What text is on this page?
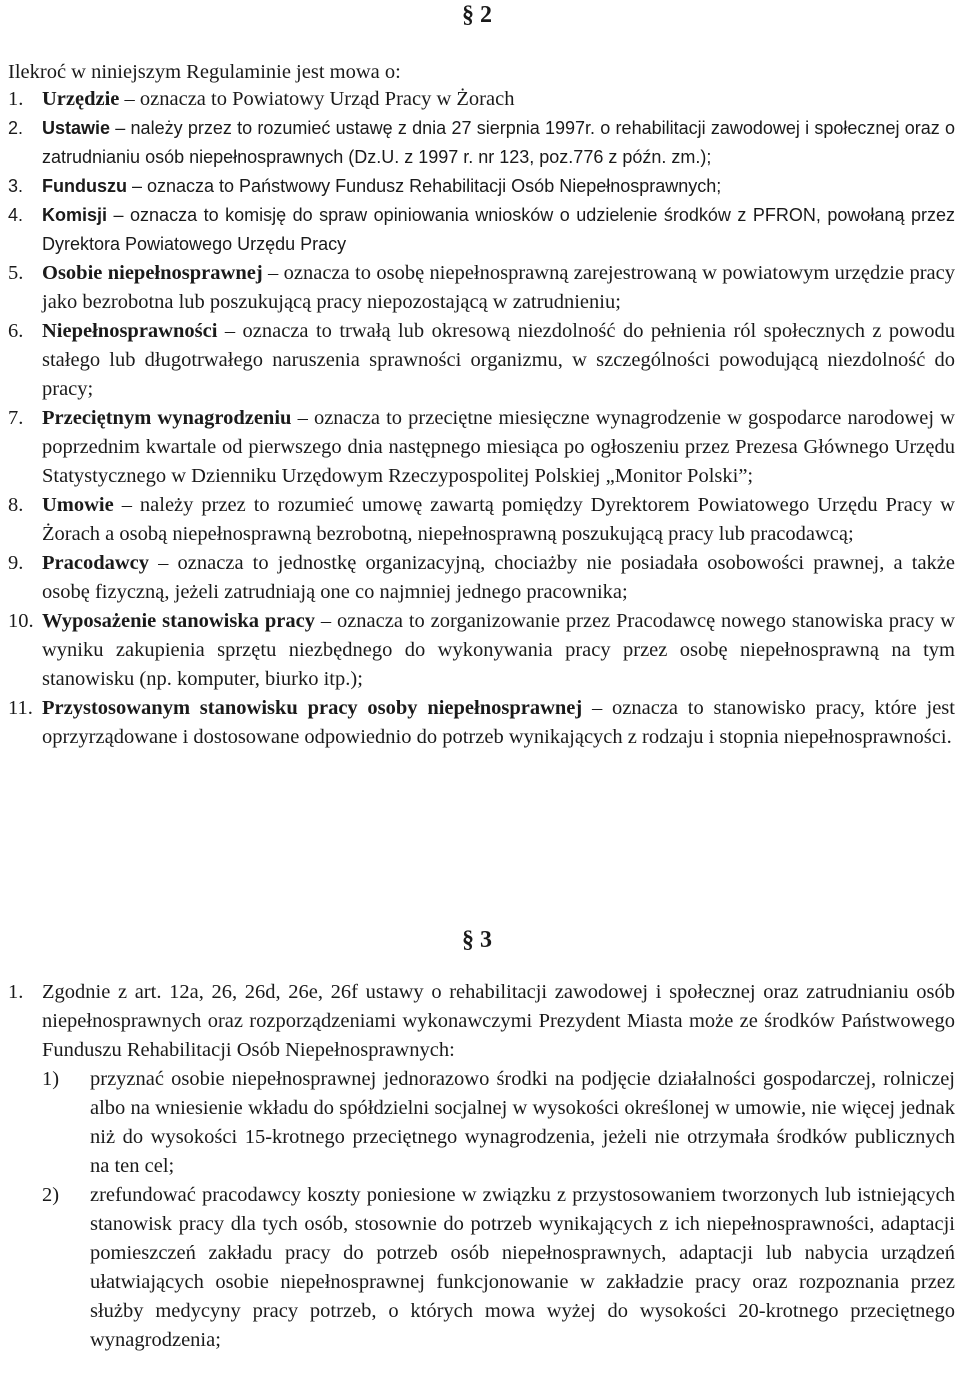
§ 2

Ilekroć w niniejszym Regulaminie jest mowa o:

1. Urzędzie – oznacza to Powiatowy Urząd Pracy w Żorach
2. Ustawie – należy przez to rozumieć ustawę z dnia 27 sierpnia 1997r. o rehabilitacji zawodowej i społecznej oraz o zatrudnianiu osób niepełnosprawnych (Dz.U. z 1997 r. nr 123, poz.776 z późn. zm.);
3. Funduszu – oznacza to Państwowy Fundusz Rehabilitacji Osób Niepełnosprawnych;
4. Komisji – oznacza to komisję do spraw opiniowania wniosków o udzielenie środków z PFRON, powołaną przez Dyrektora Powiatowego Urzędu Pracy
5. Osobie niepełnosprawnej – oznacza to osobę niepełnosprawną zarejestrowaną w powiatowym urzędzie pracy jako bezrobotna lub poszukującą pracy niepozostającą w zatrudnieniu;
6. Niepełnosprawności – oznacza to trwałą lub okresową niezdolność do pełnienia ról społecznych z powodu stałego lub długotrwałego naruszenia sprawności organizmu, w szczególności powodującą niezdolność do pracy;
7. Przeciętnym wynagrodzeniu – oznacza to przeciętne miesięczne wynagrodzenie w gospodarce narodowej w poprzednim kwartale od pierwszego dnia następnego miesiąca po ogłoszeniu przez Prezesa Głównego Urzędu Statystycznego w Dzienniku Urzędowym Rzeczypospolitej Polskiej „Monitor Polski”;
8. Umowie – należy przez to rozumieć umowę zawartą pomiędzy Dyrektorem Powiatowego Urzędu Pracy w Żorach a osobą niepełnosprawną bezrobotną, niepełnosprawną poszukującą pracy lub pracodawcą;
9. Pracodawcy – oznacza to jednostkę organizacyjną, chociażby nie posiadała osobowości prawnej, a także osobę fizyczną, jeżeli zatrudniają one co najmniej jednego pracownika;
10. Wyposażenie stanowiska pracy – oznacza to zorganizowanie przez Pracodawcę nowego stanowiska pracy w wyniku zakupienia sprzętu niezbędnego do wykonywania pracy przez osobę niepełnosprawną na tym stanowisku (np. komputer, biurko itp.);
11. Przystosowanym stanowisku pracy osoby niepełnosprawnej – oznacza to stanowisko pracy, które jest oprzyrządowane i dostosowane odpowiednio do potrzeb wynikających z rodzaju i stopnia niepełnosprawności.
§ 3
1. Zgodnie z art. 12a, 26, 26d, 26e, 26f ustawy o rehabilitacji zawodowej i społecznej oraz zatrudnianiu osób niepełnosprawnych oraz rozporządzeniami wykonawczymi Prezydent Miasta może ze środków Państwowego Funduszu Rehabilitacji Osób Niepełnosprawnych:
1) przyznać osobie niepełnosprawnej jednorazowo środki na podjęcie działalności gospodarczej, rolniczej albo na wniesienie wkładu do spółdzielni socjalnej w wysokości określonej w umowie, nie więcej jednak niż do wysokości 15-krotnego przeciętnego wynagrodzenia, jeżeli nie otrzymała środków publicznych na ten cel;
2) zrefundować pracodawcy koszty poniesione w związku z przystosowaniem tworzonych lub istniejących stanowisk pracy dla tych osób, stosownie do potrzeb wynikających z ich niepełnosprawności, adaptacji pomieszczeń zakładu pracy do potrzeb osób niepełnosprawnych, adaptacji lub nabycia urządzeń ułatwiających osobie niepełnosprawnej funkcjonowanie w zakładzie pracy oraz rozpoznania przez służby medycyny pracy potrzeb, o których mowa wyżej do wysokości 20-krotnego przeciętnego wynagrodzenia;
